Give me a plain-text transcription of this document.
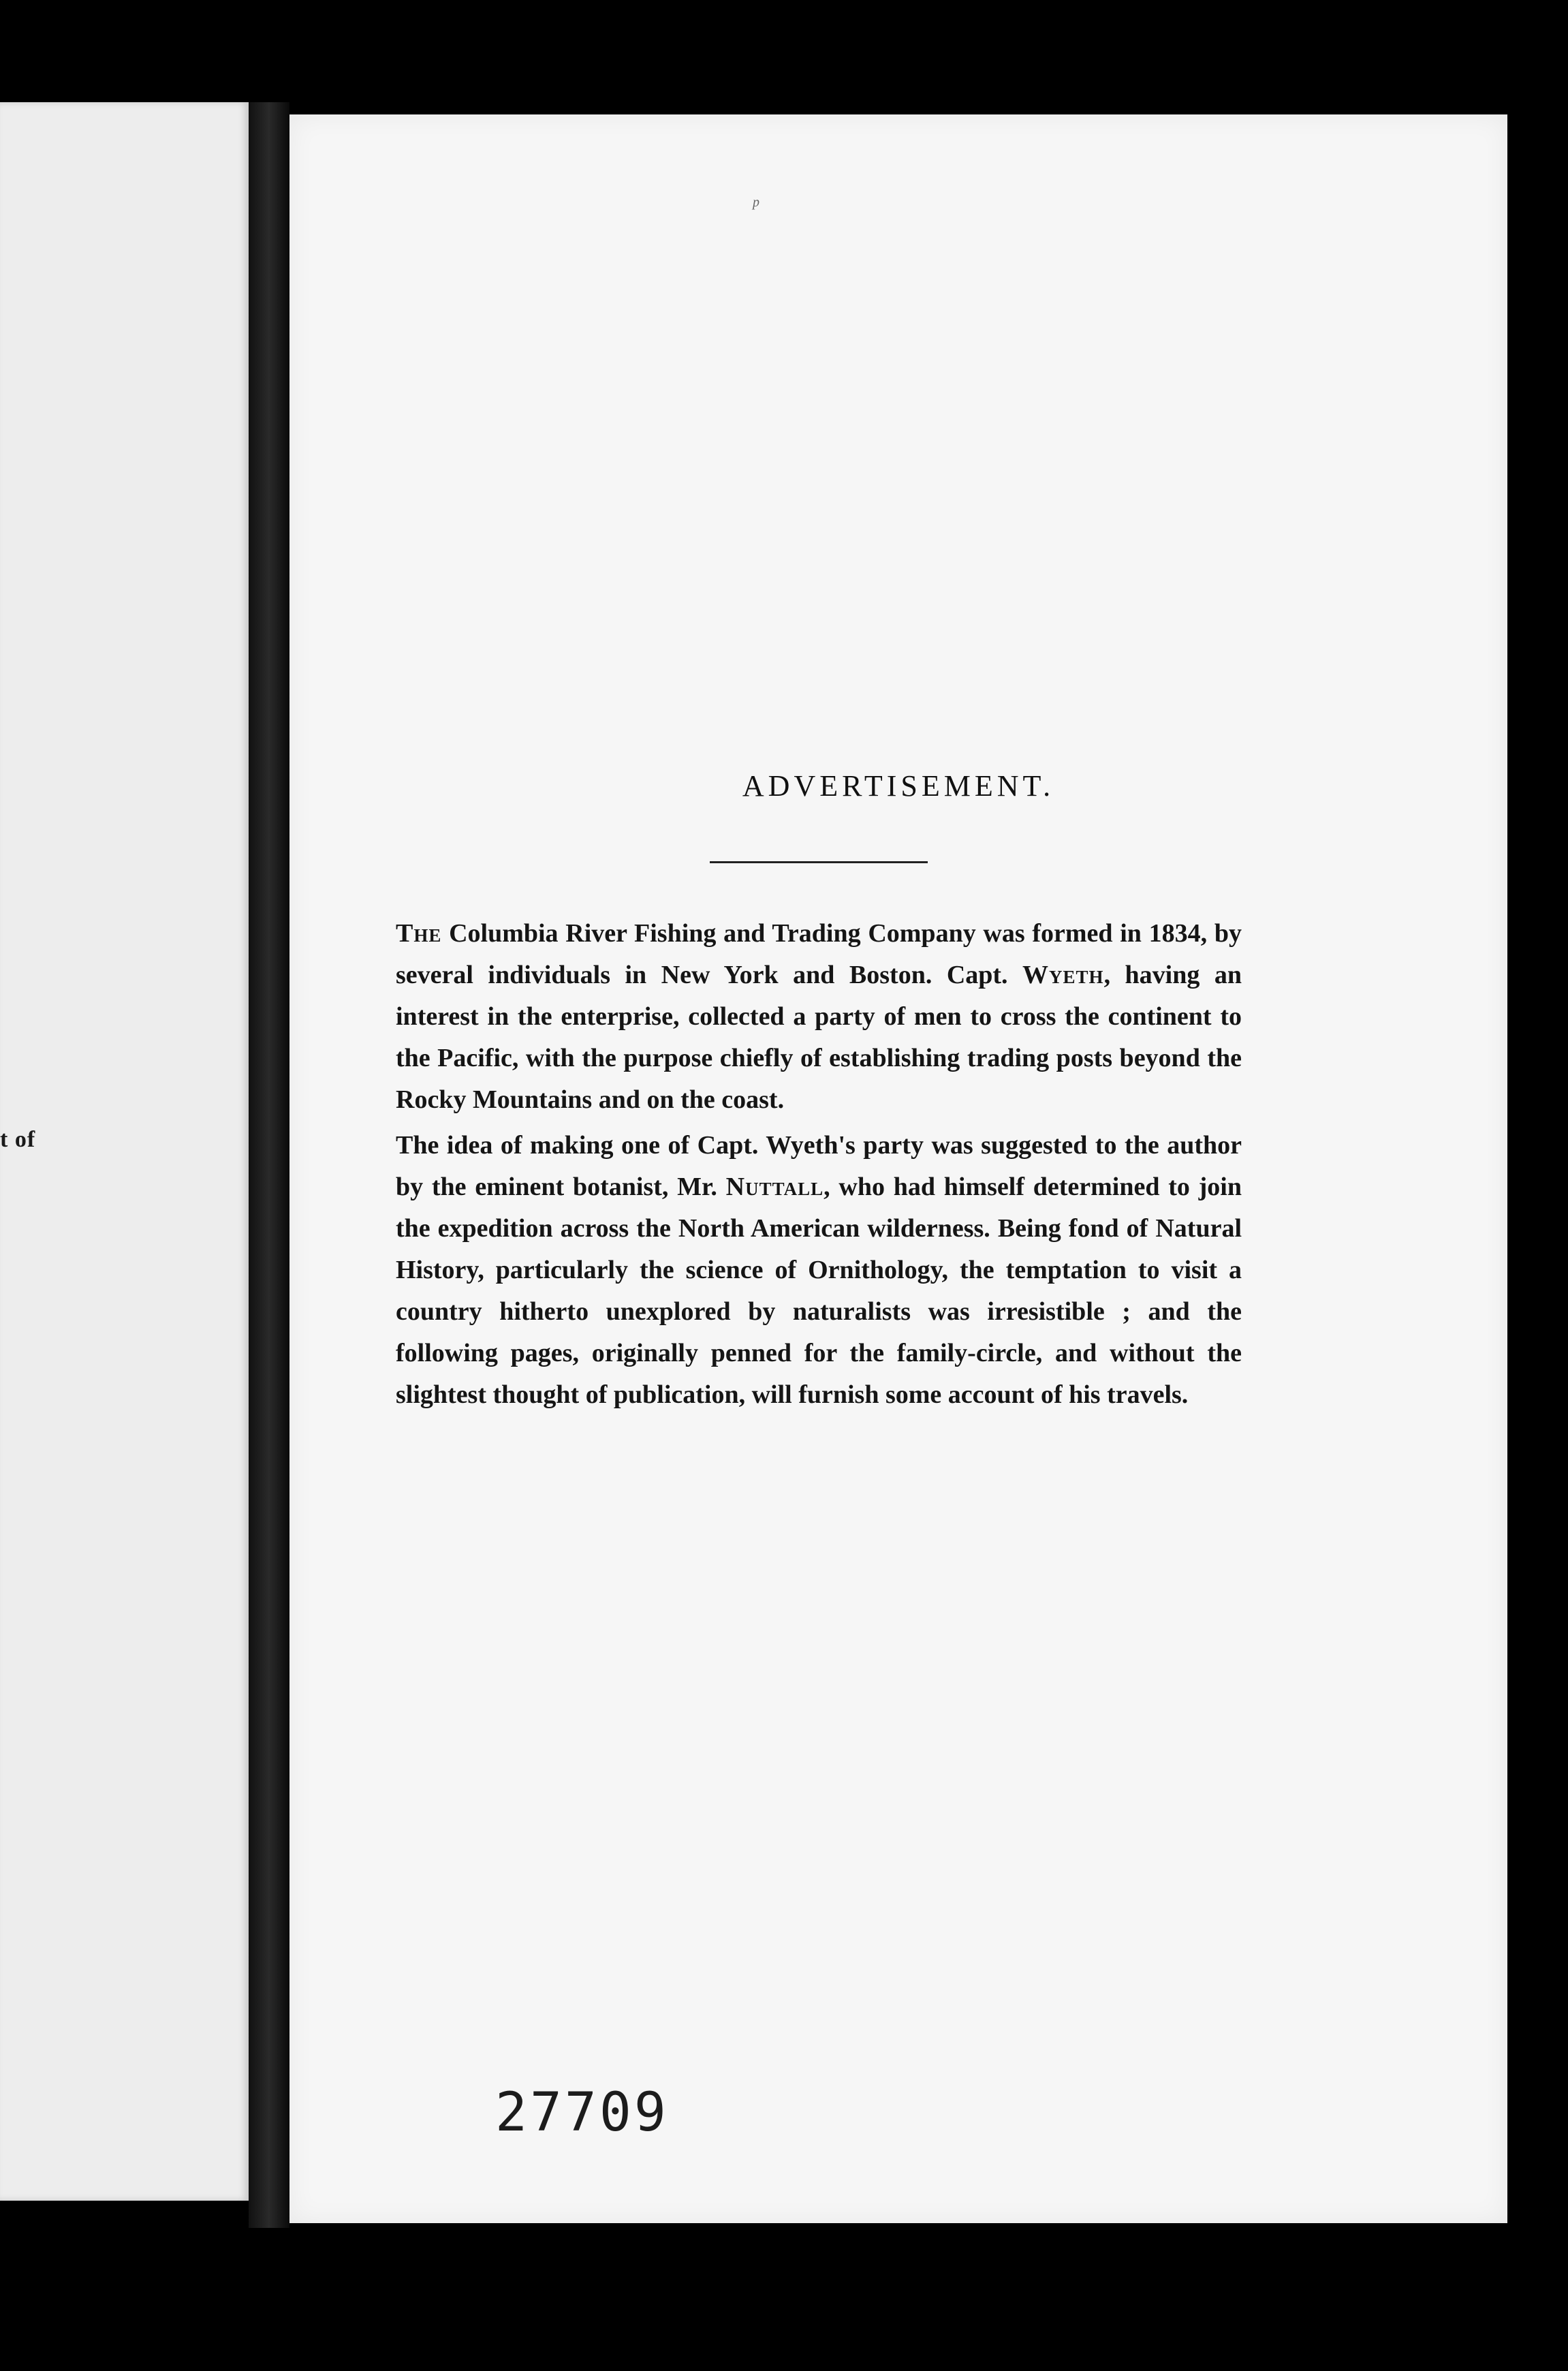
t of
p
ADVERTISEMENT.

The Columbia River Fishing and Trading Company was formed in 1834, by several individuals in New York and Boston. Capt. Wyeth, having an interest in the enterprise, collected a party of men to cross the continent to the Pacific, with the purpose chiefly of establishing trading posts beyond the Rocky Mountains and on the coast.

The idea of making one of Capt. Wyeth's party was suggested to the author by the eminent botanist, Mr. Nuttall, who had himself determined to join the expedition across the North American wilderness. Being fond of Natural History, particularly the science of Ornithology, the temptation to visit a country hitherto unexplored by naturalists was irresistible ; and the following pages, originally penned for the family-circle, and without the slightest thought of publication, will furnish some account of his travels.

27709
